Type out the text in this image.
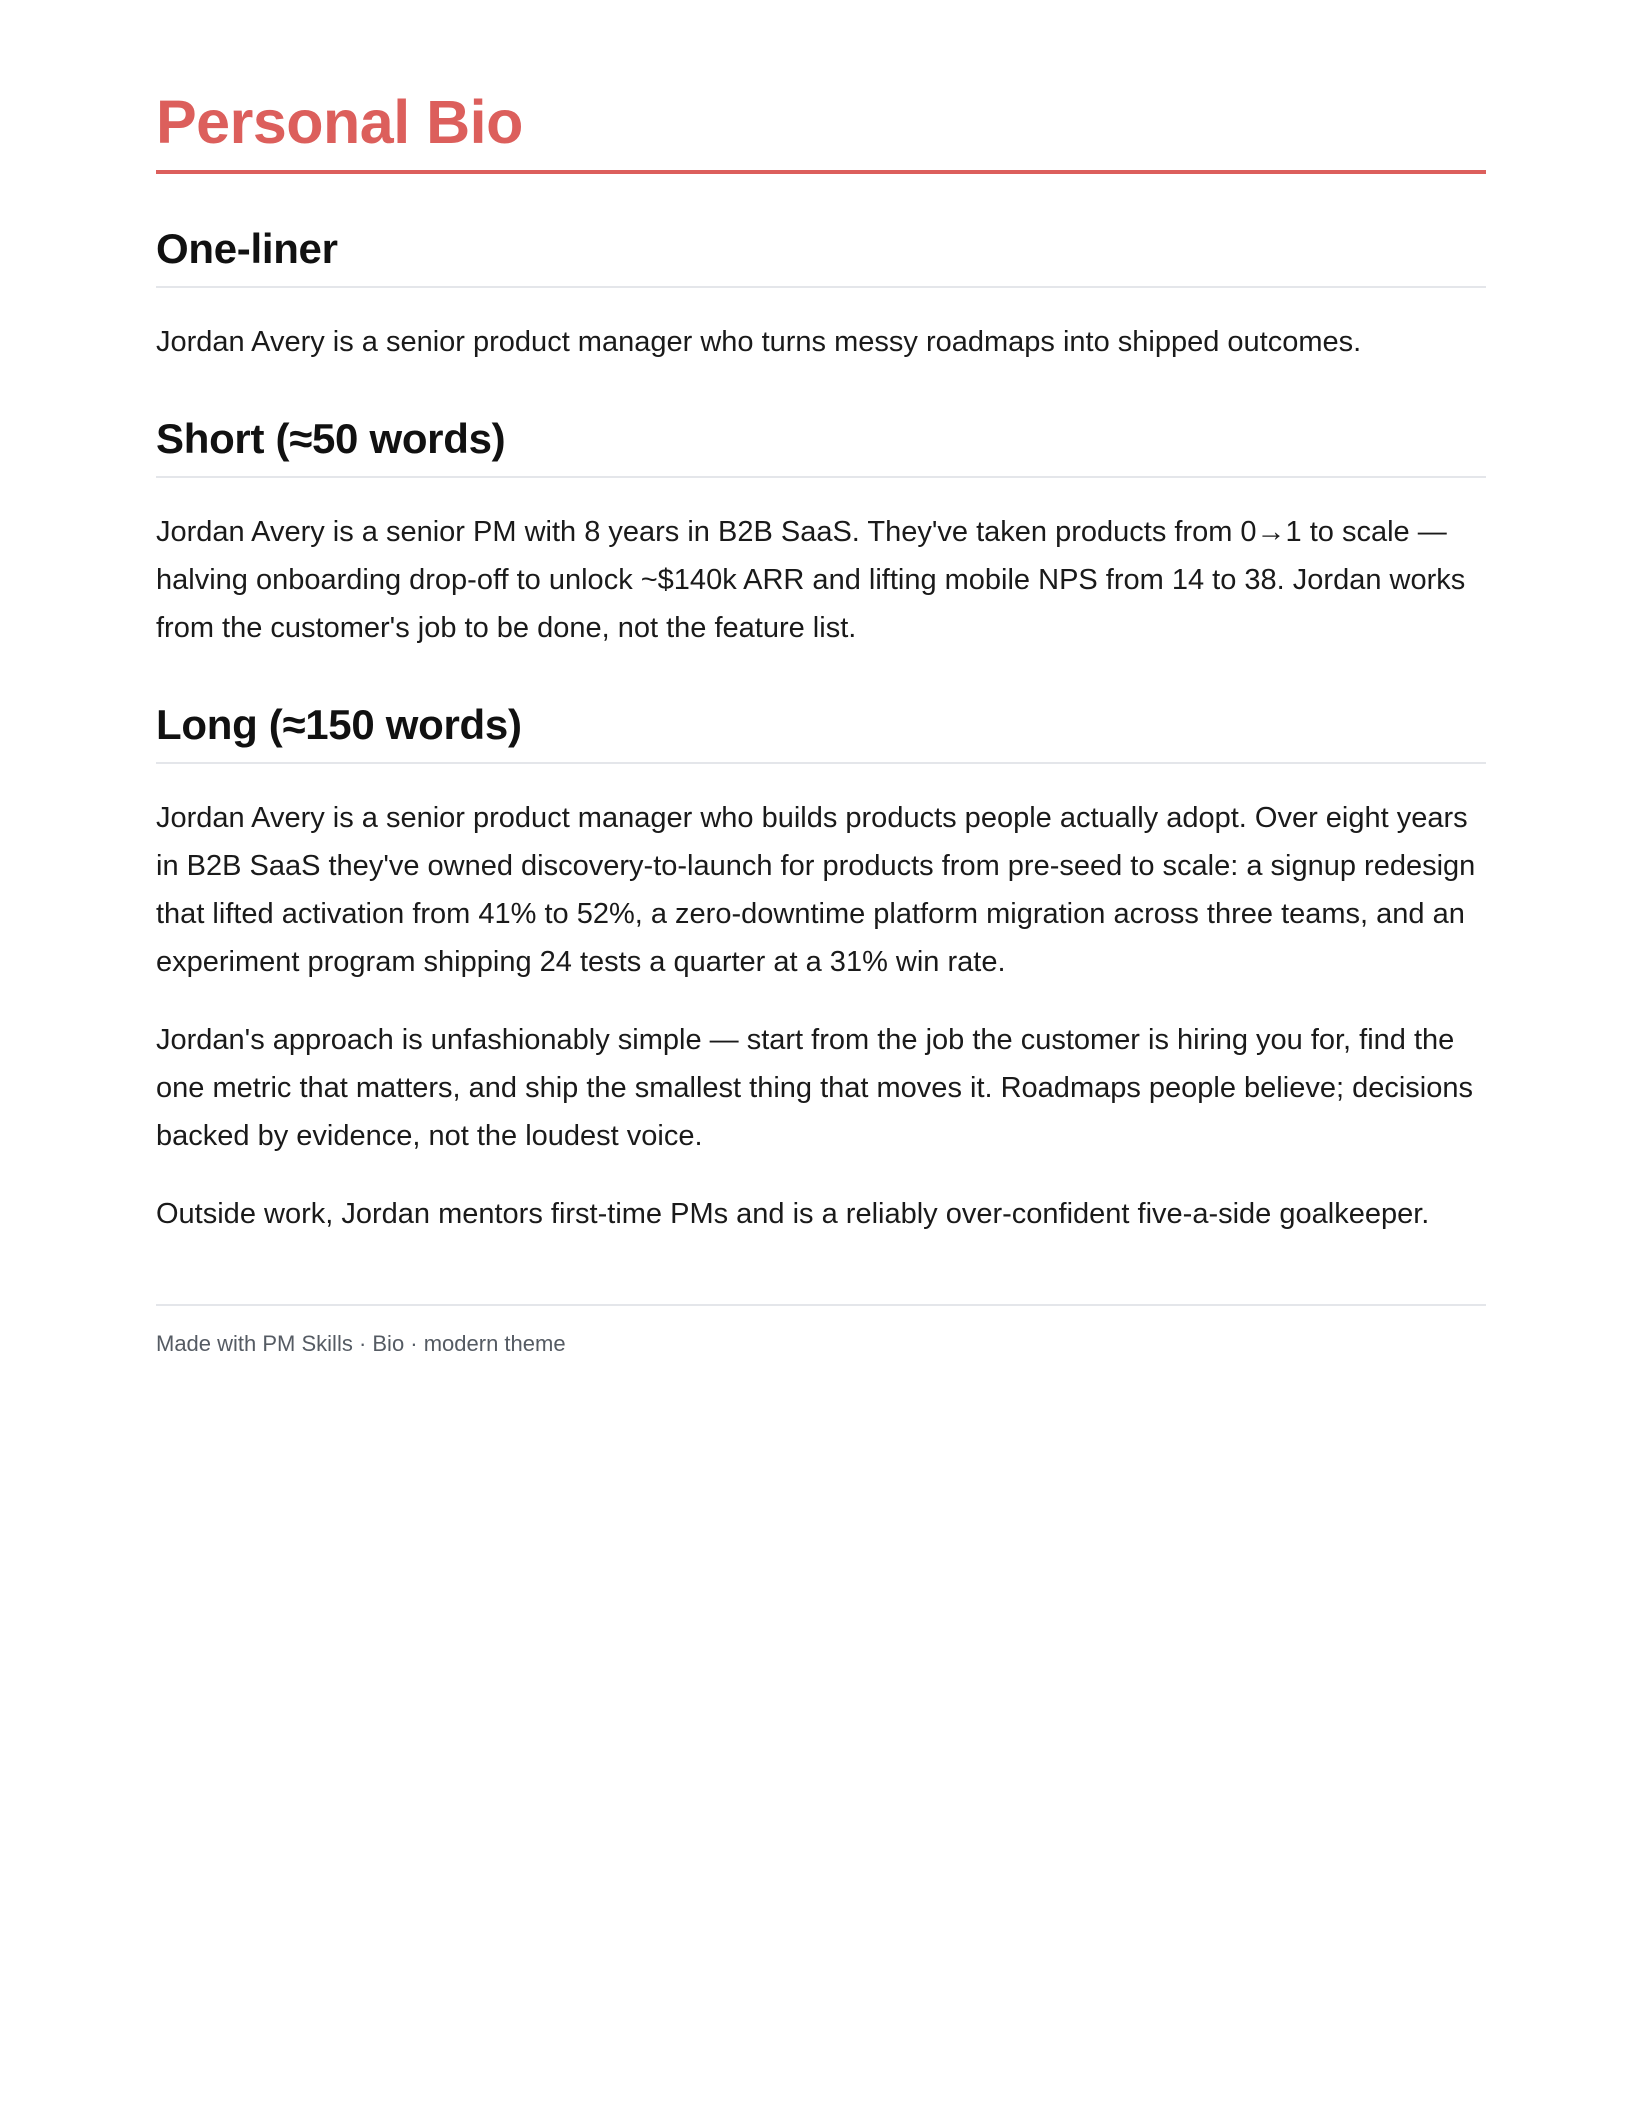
Personal Bio
One-liner

Jordan Avery is a senior product manager who turns messy roadmaps into shipped outcomes.

Short (≈50 words)

Jordan Avery is a senior PM with 8 years in B2B SaaS. They've taken products from 0→1 to scale — halving onboarding drop-off to unlock ~$140k ARR and lifting mobile NPS from 14 to 38. Jordan works from the customer's job to be done, not the feature list.

Long (≈150 words)

Jordan Avery is a senior product manager who builds products people actually adopt. Over eight years in B2B SaaS they've owned discovery-to-launch for products from pre-seed to scale: a signup redesign that lifted activation from 41% to 52%, a zero-downtime platform migration across three teams, and an experiment program shipping 24 tests a quarter at a 31% win rate.

Jordan's approach is unfashionably simple — start from the job the customer is hiring you for, find the one metric that matters, and ship the smallest thing that moves it. Roadmaps people believe; decisions backed by evidence, not the loudest voice.

Outside work, Jordan mentors first-time PMs and is a reliably over-confident five-a-side goalkeeper.

Made with PM Skills · Bio · modern theme
